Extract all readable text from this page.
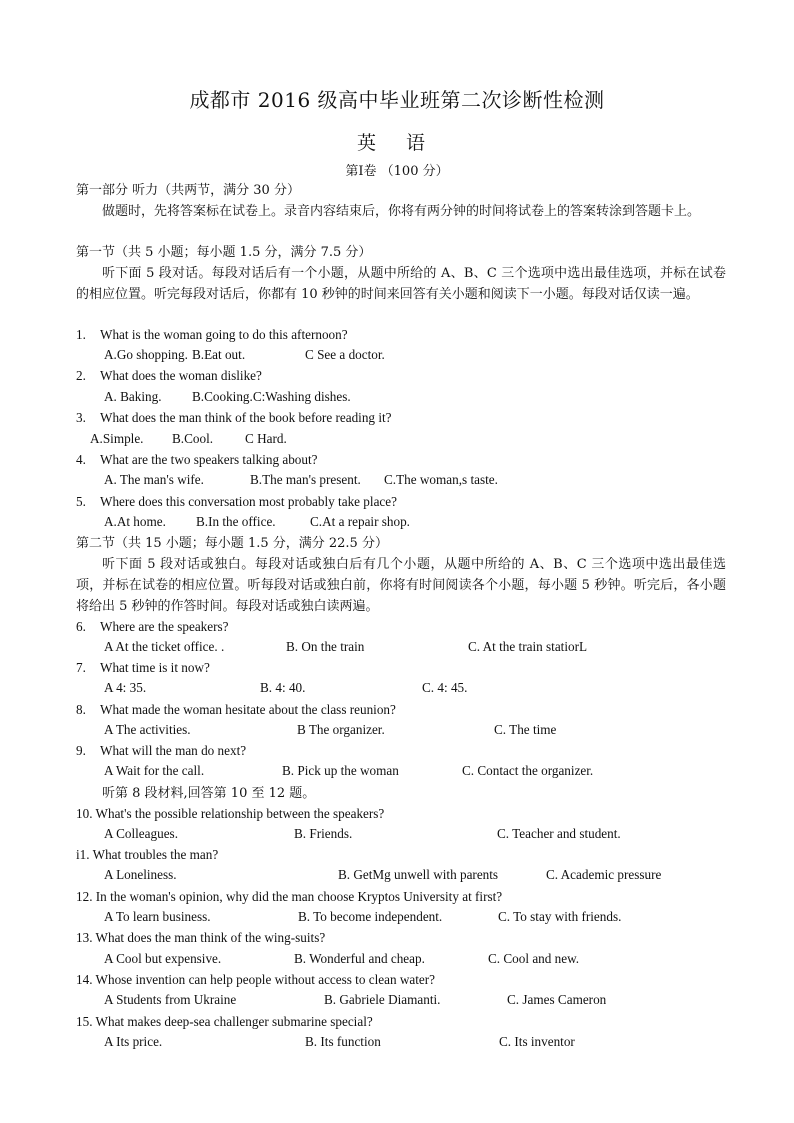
成都市 2016 级高中毕业班第二次诊断性检测
英 语
第Ⅰ卷 （100 分）
第一部分 听力（共两节，满分 30 分）
做题时，先将答案标在试卷上。录音内容结束后，你将有两分钟的时间将试卷上的答案转涂到答题卡上。
第一节（共 5 小题；每小题 1.5 分，满分 7.5 分）
听下面 5 段对话。每段对话后有一个小题，从题中所给的 A、B、C 三个选项中选出最佳选项，并标在试卷的相应位置。听完每段对话后，你都有 10 秒钟的时间来回答有关小题和阅读下一小题。每段对话仅读一遍。
1. What is the woman going to do this afternoon?
A.Go shopping. B.Eat out.	C See a doctor.
2. What does the woman dislike?
A. Baking. B.Cooking.C:Washing dishes.
3. What does the man think of the book before reading it?
A.Simple. B.Cool. C Hard.
4. What are the two speakers talking about?
A. The man's wife.	B.The man's present. C.The woman,s taste.
5. Where does this conversation most probably take place?
A.At home. B.In the office.	C.At a repair shop.
6. Where are the speakers?
A At the ticket office. .	B. On the train	C. At the train statiorL
7. What time is it now?
A 4: 35.	B. 4: 40.	C. 4: 45.
8. What made the woman hesitate about the class reunion?
A The activities.	B The organizer.	C. The time
9. What will the man do next?
A Wait for the call.	B. Pick up the woman	C. Contact the organizer.
10. What's the possible relationship between the speakers?
A Colleagues.	B. Friends.	C. Teacher and student.
i1. What troubles the man?
A Loneliness.	B. GetMg unwell with parents	C. Academic pressure
12. In the woman's opinion, why did the man choose Kryptos University at first?
A To learn business.	B. To become independent.	C. To stay with friends.
13. What does the man think of the wing-suits?
A Cool but expensive.	B. Wonderful and cheap.	C. Cool and new.
14. Whose invention can help people without access to clean water?
A Students from Ukraine	B. Gabriele Diamanti.	C. James Cameron
15. What makes deep-sea challenger submarine special?
A Its price.	B. Its function	C. Its inventor
第二节（共 15 小题；每小题 1.5 分，满分 22.5 分）
听下面 5 段对话或独白。每段对话或独白后有几个小题，从题中所给的 A、B、C 三个选项中选出最佳选项，并标在试卷的相应位置。听每段对话或独白前，你将有时间阅读各个小题，每小题 5 秒钟。听完后，各小题将给出 5 秒钟的作答时间。每段对话或独白读两遍。
听第 8 段材料,回答第 10 至 12 题。
